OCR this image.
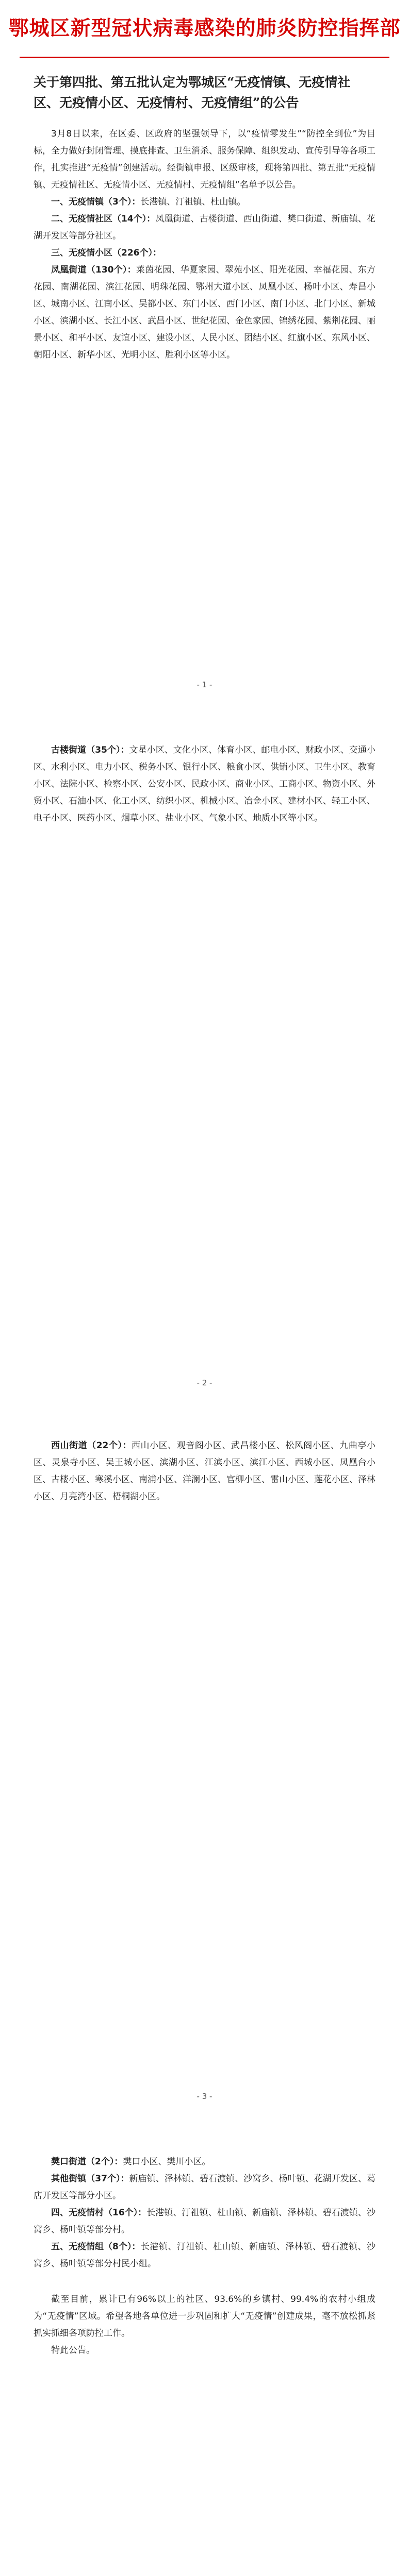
鄂城区新型冠状病毒感染的肺炎防控指挥部

关于第四批、第五批认定为鄂城区“无疫情镇、无疫情社区、无疫情小区、无疫情村、无疫情组”的公告

3月8日以来，在区委、区政府的坚强领导下，以“疫情零发生”“防控全到位”为目标，全力做好封闭管理、摸底排查、卫生消杀、服务保障、组织发动、宣传引导等各项工作，扎实推进“无疫情”创建活动。经街镇申报、区级审核，现将第四批、第五批“无疫情镇、无疫情社区、无疫情小区、无疫情村、无疫情组”名单予以公告。

一、无疫情镇（3个）：长港镇、汀祖镇、杜山镇。

二、无疫情社区（14个）：凤凰街道、古楼街道、西山街道、樊口街道、新庙镇、花湖开发区等部分社区。

三、无疫情小区（226个）：

凤凰街道（130个）：莱茵花园、华夏家园、翠苑小区、阳光花园、幸福花园、东方花园、南湖花园、滨江花园、明珠花园、鄂州大道小区、凤凰小区、杨叶小区、寿昌小区、城南小区、江南小区、吴都小区、东门小区、西门小区、南门小区、北门小区、新城小区、滨湖小区、长江小区、武昌小区、世纪花园、金色家园、锦绣花园、紫荆花园、丽景小区、和平小区、友谊小区、建设小区、人民小区、团结小区、红旗小区、东风小区、朝阳小区、新华小区、光明小区、胜利小区等小区。

- 1 -

古楼街道（35个）：文星小区、文化小区、体育小区、邮电小区、财政小区、交通小区、水利小区、电力小区、税务小区、银行小区、粮食小区、供销小区、卫生小区、教育小区、法院小区、检察小区、公安小区、民政小区、商业小区、工商小区、物资小区、外贸小区、石油小区、化工小区、纺织小区、机械小区、冶金小区、建材小区、轻工小区、电子小区、医药小区、烟草小区、盐业小区、气象小区、地质小区等小区。

- 2 -

西山街道（22个）：西山小区、观音阁小区、武昌楼小区、松风阁小区、九曲亭小区、灵泉寺小区、吴王城小区、滨湖小区、江滨小区、滨江小区、西城小区、凤凰台小区、古楼小区、寒溪小区、南浦小区、洋澜小区、官柳小区、雷山小区、莲花小区、泽林小区、月亮湾小区、梧桐湖小区。

- 3 -

樊口街道（2个）：樊口小区、樊川小区。

其他街镇（37个）：新庙镇、泽林镇、碧石渡镇、沙窝乡、杨叶镇、花湖开发区、葛店开发区等部分小区。

四、无疫情村（16个）：长港镇、汀祖镇、杜山镇、新庙镇、泽林镇、碧石渡镇、沙窝乡、杨叶镇等部分村。

五、无疫情组（8个）：长港镇、汀祖镇、杜山镇、新庙镇、泽林镇、碧石渡镇、沙窝乡、杨叶镇等部分村民小组。

截至目前，累计已有96%以上的社区、93.6%的乡镇村、99.4%的农村小组成为“无疫情”区域。希望各地各单位进一步巩固和扩大“无疫情”创建成果，毫不放松抓紧抓实抓细各项防控工作。

特此公告。
